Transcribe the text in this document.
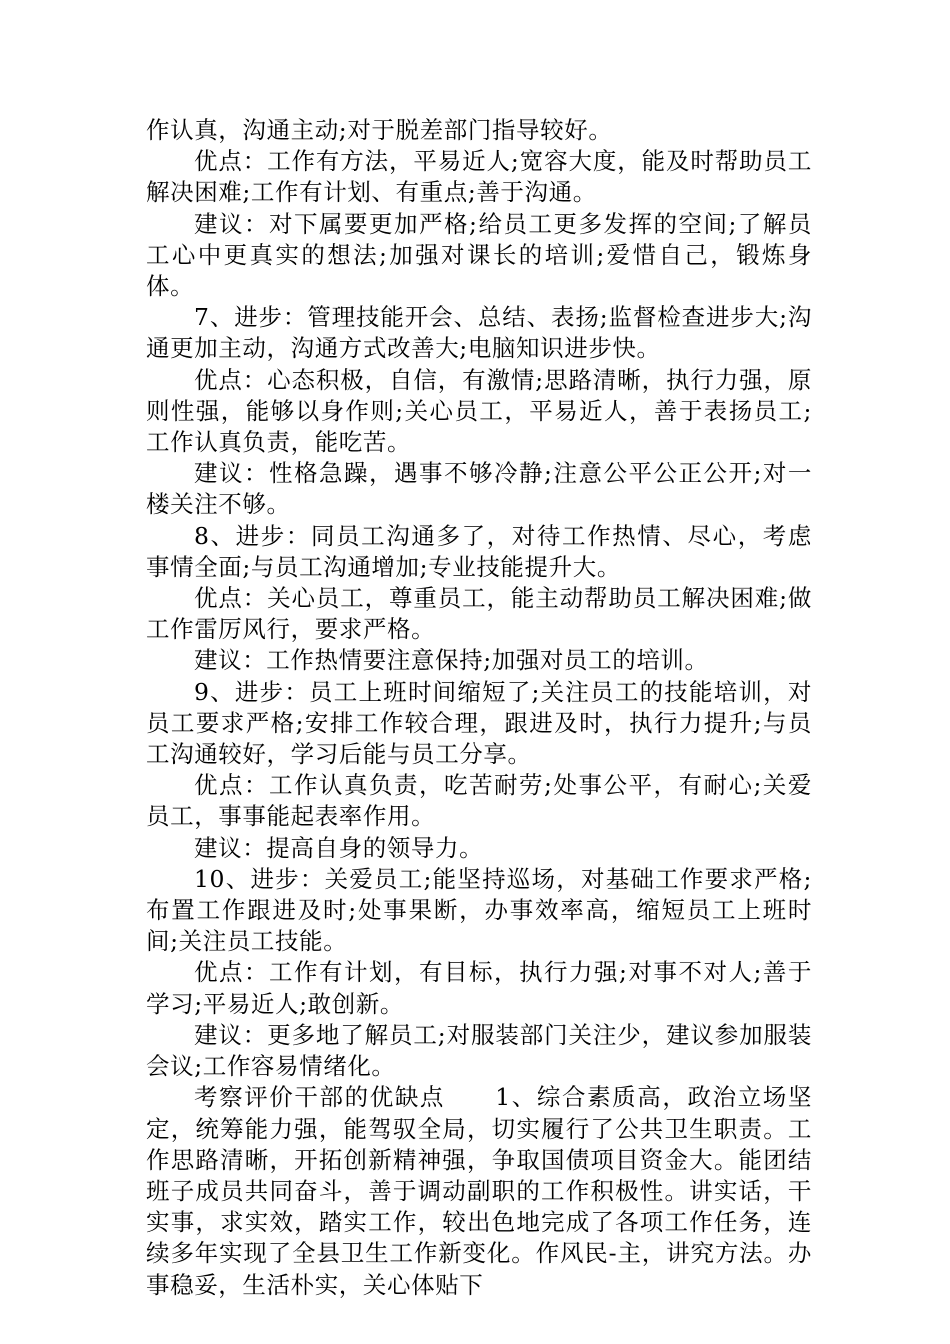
作认真，沟通主动;对于脱差部门指导较好。

优点：工作有方法，平易近人;宽容大度，能及时帮助员工解决困难;工作有计划、有重点;善于沟通。

建议：对下属要更加严格;给员工更多发挥的空间;了解员工心中更真实的想法;加强对课长的培训;爱惜自己，锻炼身体。

7、进步：管理技能开会、总结、表扬;监督检查进步大;沟通更加主动，沟通方式改善大;电脑知识进步快。

优点：心态积极，自信，有激情;思路清晰，执行力强，原则性强，能够以身作则;关心员工，平易近人，善于表扬员工;工作认真负责，能吃苦。

建议：性格急躁，遇事不够冷静;注意公平公正公开;对一楼关注不够。

8、进步：同员工沟通多了，对待工作热情、尽心，考虑事情全面;与员工沟通增加;专业技能提升大。

优点：关心员工，尊重员工，能主动帮助员工解决困难;做工作雷厉风行，要求严格。

建议：工作热情要注意保持;加强对员工的培训。

9、进步：员工上班时间缩短了;关注员工的技能培训，对员工要求严格;安排工作较合理，跟进及时，执行力提升;与员工沟通较好，学习后能与员工分享。

优点：工作认真负责，吃苦耐劳;处事公平，有耐心;关爱员工，事事能起表率作用。

建议：提高自身的领导力。

10、进步：关爱员工;能坚持巡场，对基础工作要求严格;布置工作跟进及时;处事果断，办事效率高，缩短员工上班时间;关注员工技能。

优点：工作有计划，有目标，执行力强;对事不对人;善于学习;平易近人;敢创新。

建议：更多地了解员工;对服装部门关注少，建议参加服装会议;工作容易情绪化。

考察评价干部的优缺点　　1、综合素质高，政治立场坚定，统筹能力强，能驾驭全局，切实履行了公共卫生职责。工作思路清晰，开拓创新精神强，争取国债项目资金大。能团结班子成员共同奋斗，善于调动副职的工作积极性。讲实话，干实事，求实效，踏实工作，较出色地完成了各项工作任务，连续多年实现了全县卫生工作新变化。作风民-主，讲究方法。办事稳妥，生活朴实，关心体贴下
